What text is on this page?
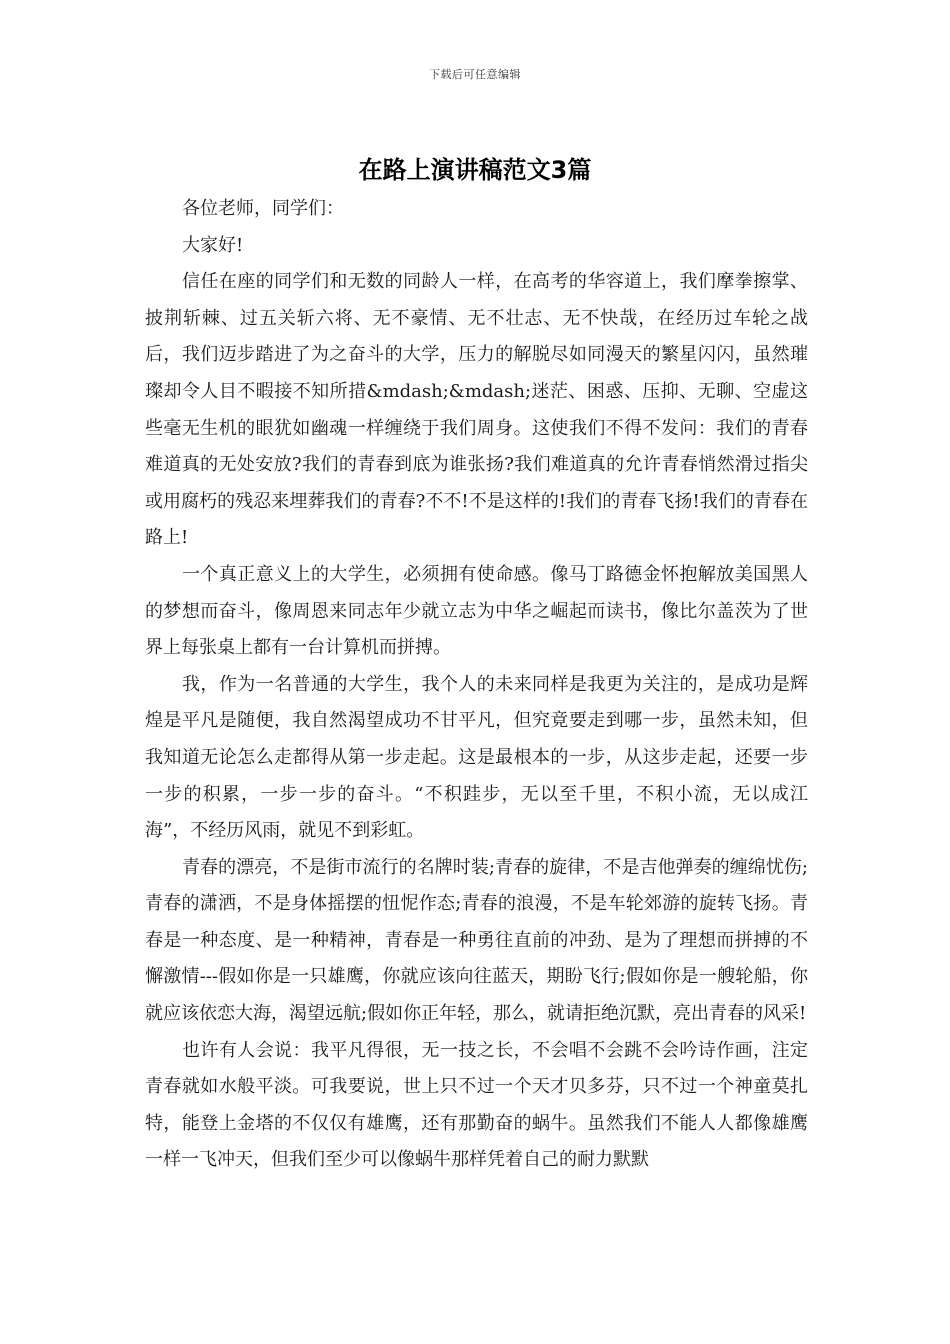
下载后可任意编辑
在路上演讲稿范文3篇

各位老师，同学们：

大家好!

信任在座的同学们和无数的同龄人一样，在高考的华容道上，我们摩拳擦掌、披荆斩棘、过五关斩六将、无不豪情、无不壮志、无不快哉，在经历过车轮之战后，我们迈步踏进了为之奋斗的大学，压力的解脱尽如同漫天的繁星闪闪，虽然璀璨却令人目不暇接不知所措&mdash;&mdash;迷茫、困惑、压抑、无聊、空虚这些毫无生机的眼犹如幽魂一样缠绕于我们周身。这使我们不得不发问：我们的青春难道真的无处安放?我们的青春到底为谁张扬?我们难道真的允许青春悄然滑过指尖或用腐朽的残忍来埋葬我们的青春?不不!不是这样的!我们的青春飞扬!我们的青春在路上!

一个真正意义上的大学生，必须拥有使命感。像马丁路德金怀抱解放美国黑人的梦想而奋斗，像周恩来同志年少就立志为中华之崛起而读书，像比尔盖茨为了世界上每张桌上都有一台计算机而拼搏。

我，作为一名普通的大学生，我个人的未来同样是我更为关注的，是成功是辉煌是平凡是随便，我自然渴望成功不甘平凡，但究竟要走到哪一步，虽然未知，但我知道无论怎么走都得从第一步走起。这是最根本的一步，从这步走起，还要一步一步的积累，一步一步的奋斗。“不积跬步，无以至千里，不积小流，无以成江海”，不经历风雨，就见不到彩虹。

青春的漂亮，不是街市流行的名牌时装;青春的旋律，不是吉他弹奏的缠绵忧伤;青春的潇洒，不是身体摇摆的忸怩作态;青春的浪漫，不是车轮郊游的旋转飞扬。青春是一种态度、是一种精神，青春是一种勇往直前的冲劲、是为了理想而拼搏的不懈激情---假如你是一只雄鹰，你就应该向往蓝天，期盼飞行;假如你是一艘轮船，你就应该依恋大海，渴望远航;假如你正年轻，那么，就请拒绝沉默，亮出青春的风采!

也许有人会说：我平凡得很，无一技之长，不会唱不会跳不会吟诗作画，注定青春就如水般平淡。可我要说，世上只不过一个天才贝多芬，只不过一个神童莫扎特，能登上金塔的不仅仅有雄鹰，还有那勤奋的蜗牛。虽然我们不能人人都像雄鹰一样一飞冲天，但我们至少可以像蜗牛那样凭着自己的耐力默默
